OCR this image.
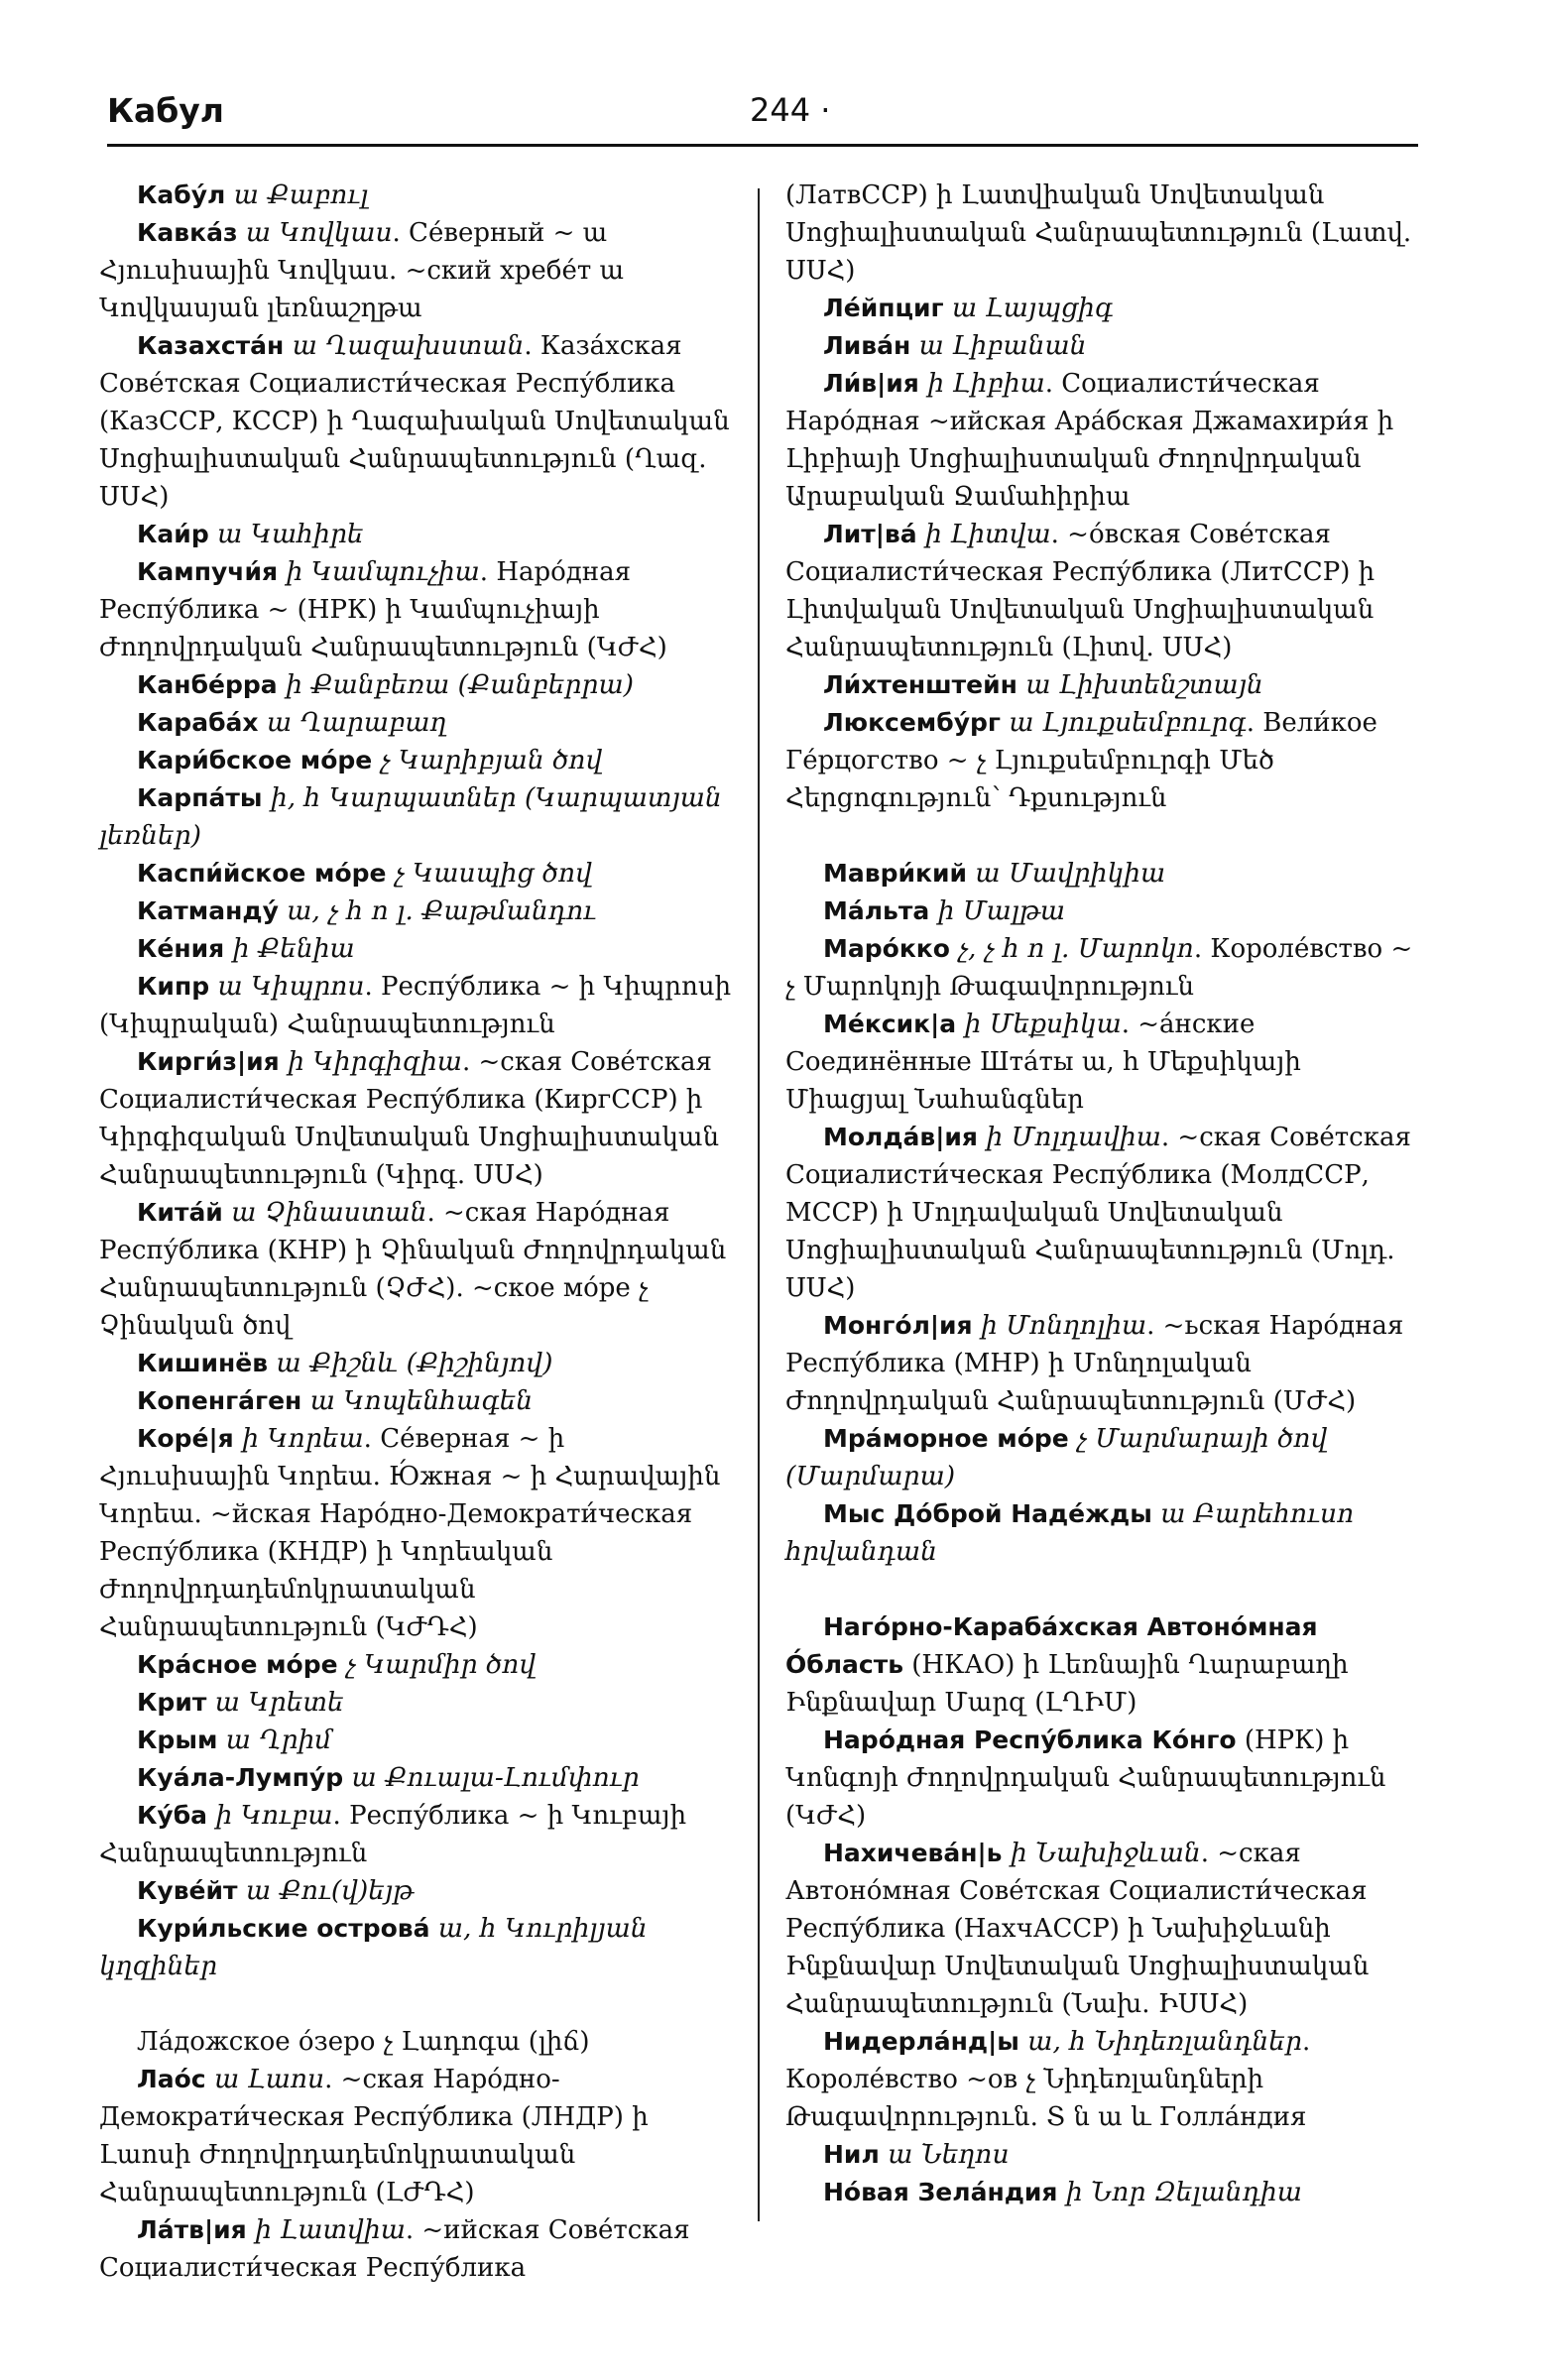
Кабул	244 ·

Кабу́л ա Քաբուլ

Кавка́з ա Կովկաս. Се́верный ~ ա Հյուսիսային Կովկաս. ~ский хребе́т ա Կովկասյան լեռնաշղթա

Казахста́н ա Ղազախստան. Каза́хская Сове́тская Социалисти́ческая Респу́блика (КазССР, КССР) ի Ղազախական Սովետական Սոցիալիստական Հանրապետություն (Ղազ. ՍՍՀ)

Каи́р ա Կահիրե

Кампучи́я ի Կամպուչիա. Наро́дная Респу́блика ~ (НРК) ի Կամպուչիայի Ժողովրդական Հանրապետություն (ԿԺՀ)

Канбе́рра ի Քանբեռա (Քանբերրա)

Караба́х ա Ղարաբաղ

Кари́бское мо́ре չ Կարիբյան ծով

Карпа́ты ի, հ Կարպատներ (Կարպատյան լեռներ)

Каспи́йское мо́ре չ Կասպից ծով

Катманду́ ա, չ հ ո լ. Քաթմանդու

Ке́ния ի Քենիա

Кипр ա Կիպրոս. Респу́блика ~ ի Կիպրոսի (Կիպրական) Հանրապետություն

Кирги́з|ия ի Կիրգիզիա. ~ская Сове́тская Социалисти́ческая Респу́блика (КиргССР) ի Կիրգիզական Սովետական Սոցիալիստական Հանրապետություն (Կիրգ. ՍՍՀ)

Кита́й ա Չինաստան. ~ская Наро́дная Респу́блика (КНР) ի Չինական Ժողովրդական Հանրապետություն (ՉԺՀ). ~ское мо́ре չ Չինական ծով

Кишинёв ա Քիշնև (Քիշինյով)

Копенга́ген ա Կոպենհագեն

Коре́|я ի Կորեա. Се́верная ~ ի Հյուսիսային Կորեա. Ю́жная ~ ի Հարավային Կորեա. ~йская Наро́дно-Демократи́ческая Респу́блика (КНДР) ի Կորեական Ժողովրդադեմոկրատական Հանրապետություն (ԿԺԴՀ)

Кра́сное мо́ре չ Կարմիր ծով

Крит ա Կրետե

Крым ա Ղրիմ

Куа́ла-Лумпу́р ա Քուալա-Լումփուր

Ку́ба ի Կուբա. Респу́блика ~ ի Կուբայի Հանրապետություն

Куве́йт ա Քու(վ)եյթ

Кури́льские острова́ ա, հ Կուրիլյան կղզիներ

Ла́дожское о́зеро չ Լադոգա (լիճ)

Лао́с ա Լաոս. ~ская Наро́дно-Демократи́ческая Респу́блика (ЛНДР) ի Լաոսի Ժողովրդադեմոկրատական Հանրապետություն (ԼԺԴՀ)

Ла́тв|ия ի Լատվիա. ~ийская Сове́тская Социалисти́ческая Респу́блика

(ЛатвССР) ի Լատվիական Սովետական Սոցիալիստական Հանրապետություն (Լատվ. ՍՍՀ)

Ле́йпциг ա Լայպցիգ

Лива́н ա Լիբանան

Ли́в|ия ի Լիբիա. Социалисти́ческая Наро́дная ~ийская Ара́бская Джамахири́я ի Լիբիայի Սոցիալիստական Ժողովրդական Արաբական Ջամահիրիա

Лит|ва́ ի Լիտվա. ~о́вская Сове́тская Социалисти́ческая Респу́блика (ЛитССР) ի Լիտվական Սովետական Սոցիալիստական Հանրապետություն (Լիտվ. ՍՍՀ)

Ли́хтенштейн ա Լիխտենշտայն

Люксембу́рг ա Լյուքսեմբուրգ. Вели́кое Ге́рцогство ~ չ Լյուքսեմբուրգի Մեծ Հերցոգություն՝ Դքսություն

Маври́кий ա Մավրիկիա

Ма́льта ի Մալթա

Маро́кко չ, չ հ ո լ. Մարոկո. Короле́вство ~ չ Մարոկոյի Թագավորություն

Ме́ксик|а ի Մեքսիկա. ~а́нские Соединённые Шта́ты ա, հ Մեքսիկայի Միացյալ Նահանգներ

Молда́в|ия ի Մոլդավիա. ~ская Сове́тская Социалисти́ческая Респу́блика (МолдССР, МССР) ի Մոլդավական Սովետական Սոցիալիստական Հանրապետություն (Մոլդ. ՍՍՀ)

Монго́л|ия ի Մոնղոլիա. ~ьская Наро́дная Респу́блика (МНР) ի Մոնղոլական Ժողովրդական Հանրապետություն (ՄԺՀ)

Мра́морное мо́ре չ Մարմարայի ծով (Մարմարա)

Мыс До́брой Наде́жды ա Բարեհուսո հրվանդան

Наго́рно-Караба́хская Автоно́мная О́бласть (НКАО) ի Լեռնային Ղարաբաղի Ինքնավար Մարզ (ԼՂԻՄ)

Наро́дная Респу́блика Ко́нго (НРК) ի Կոնգոյի Ժողովրդական Հանրապետություն (ԿԺՀ)

Нахичева́н|ь ի Նախիջևան. ~ская Автоно́мная Сове́тская Социалисти́ческая Респу́блика (НахчАССР) ի Նախիջևանի Ինքնավար Սովետական Սոցիալիստական Հանրապետություն (Նախ. ԻՍՍՀ)

Нидерла́нд|ы ա, հ Նիդեռլանդներ. Короле́вство ~ов չ Նիդեռլանդների Թագավորություն. Տ ն ա և Голла́ндия

Нил ա Նեղոս

Но́вая Зела́ндия ի Նոր Զելանդիա
